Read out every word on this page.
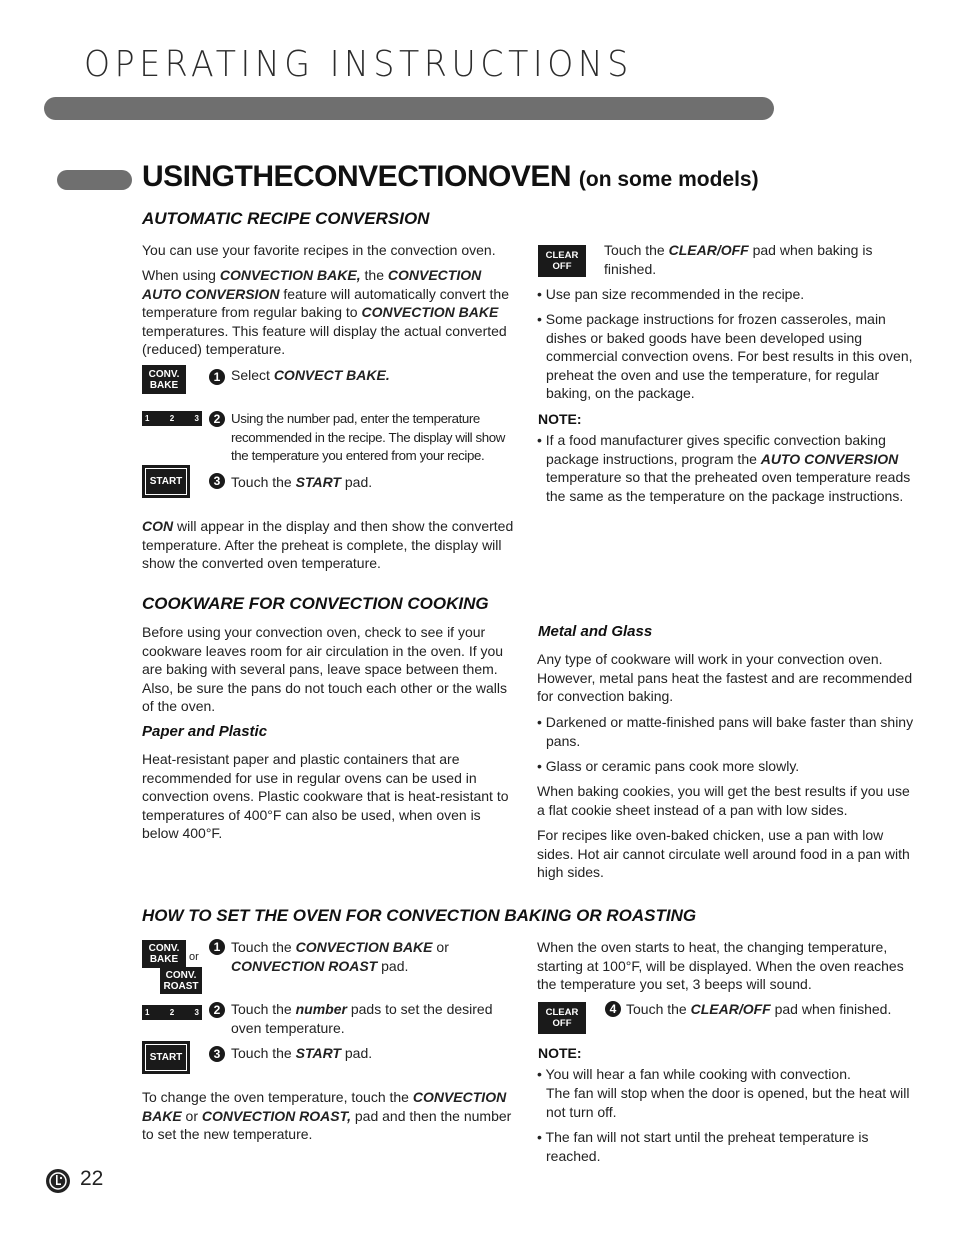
OPERATING INSTRUCTIONS
USINGTHECONVECTIONOVEN (on some models)
AUTOMATIC RECIPE CONVERSION
You can use your favorite recipes in the convection oven.
When using CONVECTION BAKE, the CONVECTION AUTO CONVERSION feature will automatically convert the temperature from regular baking to CONVECTION BAKE temperatures. This feature will display the actual converted (reduced) temperature.
CONV.
BAKE
1 Select CONVECT BAKE.
1	2	3	2 Using the number pad, enter the temperature recommended in the recipe. The display will show the temperature you entered from your recipe.
START	3 Touch the START pad.
CON will appear in the display and then show the converted temperature. After the preheat is complete, the display will show the converted oven temperature.
CLEAR
OFF
Touch the CLEAR/OFF pad when baking is finished.
• Use pan size recommended in the recipe.
• Some package instructions for frozen casseroles, main dishes or baked goods have been developed using commercial convection ovens. For best results in this oven, preheat the oven and use the temperature, for regular baking, on the package.
NOTE:
• If a food manufacturer gives specific convection baking package instructions, program the AUTO CONVERSION temperature so that the preheated oven temperature reads the same as the temperature on the package instructions.
COOKWARE FOR CONVECTION COOKING
Before using your convection oven, check to see if your cookware leaves room for air circulation in the oven. If you are baking with several pans, leave space between them. Also, be sure the pans do not touch each other or the walls of the oven.
Paper and Plastic
Heat-resistant paper and plastic containers that are recommended for use in regular ovens can be used in convection ovens. Plastic cookware that is heat-resistant to temperatures of 400°F can also be used, when oven is below 400°F.
Metal and Glass
Any type of cookware will work in your convection oven. However, metal pans heat the fastest and are recommended for convection baking.
• Darkened or matte-finished pans will bake faster than shiny pans.
• Glass or ceramic pans cook more slowly.
When baking cookies, you will get the best results if you use a flat cookie sheet instead of a pan with low sides.
For recipes like oven-baked chicken, use a pan with low sides. Hot air cannot circulate well around food in a pan with high sides.
HOW TO SET THE OVEN FOR CONVECTION BAKING OR ROASTING
CONV.
BAKE or
CONV.
ROAST
1 Touch the CONVECTION BAKE or CONVECTION ROAST pad.
1	2	3	2 Touch the number pads to set the desired oven temperature.
START	3 Touch the START pad.
To change the oven temperature, touch the CONVECTION BAKE or CONVECTION ROAST, pad and then the number to set the new temperature.
When the oven starts to heat, the changing temperature, starting at 100°F, will be displayed. When the oven reaches the temperature you set, 3 beeps will sound.
CLEAR
OFF
4 Touch the CLEAR/OFF pad when finished.
NOTE:
• You will hear a fan while cooking with convection.
The fan will stop when the door is opened, but the heat will not turn off.
• The fan will not start until the preheat temperature is reached.
22
